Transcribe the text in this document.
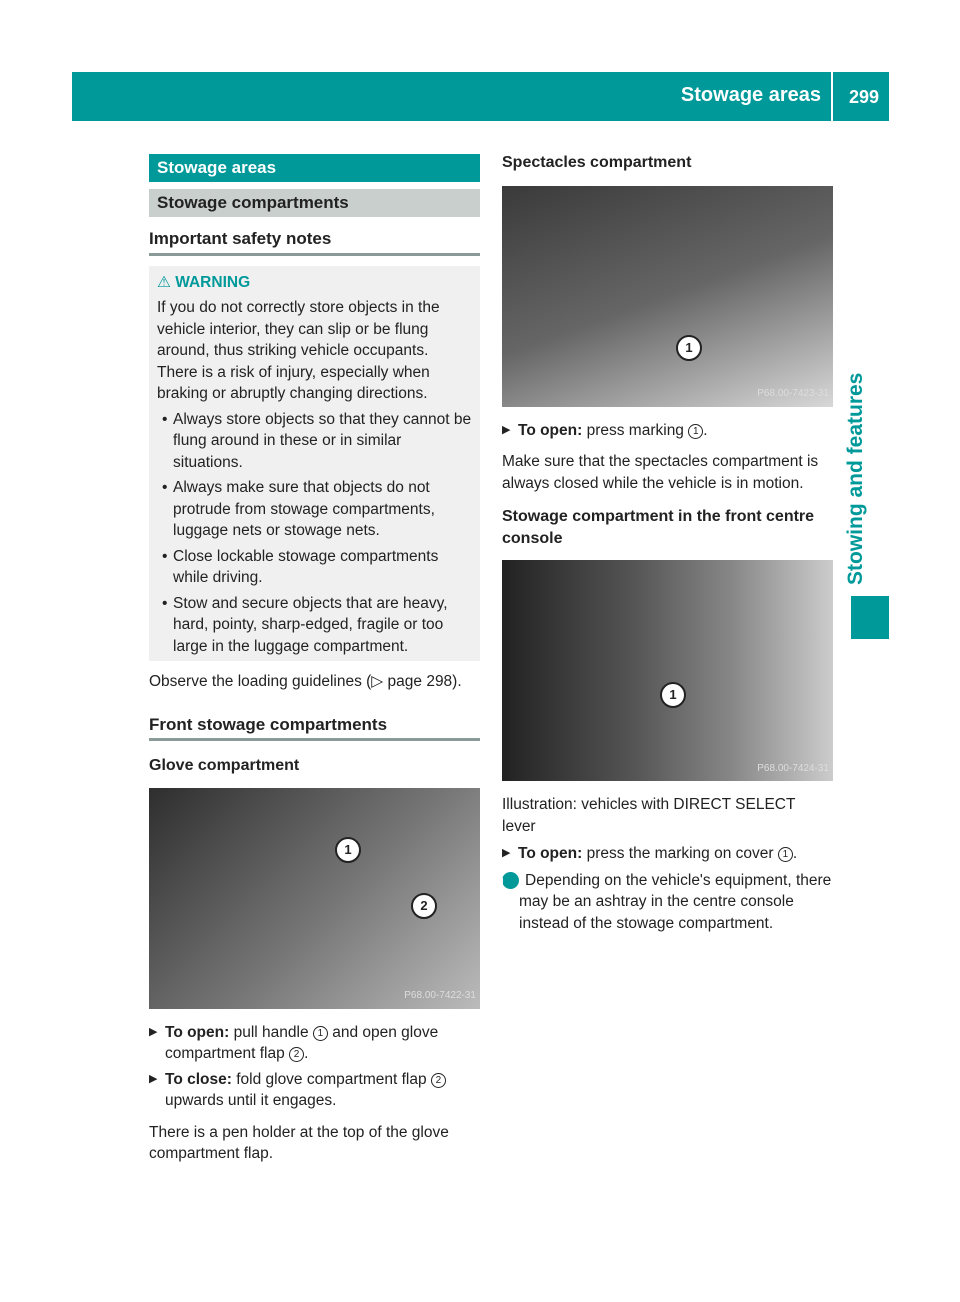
Stowage areas 299
Stowing and features
Stowage areas
Stowage compartments
Important safety notes
⚠ WARNING
If you do not correctly store objects in the vehicle interior, they can slip or be flung around, thus striking vehicle occupants. There is a risk of injury, especially when braking or abruptly changing directions.
• Always store objects so that they cannot be flung around in these or in similar situations.
• Always make sure that objects do not protrude from stowage compartments, luggage nets or stowage nets.
• Close lockable stowage compartments while driving.
• Stow and secure objects that are heavy, hard, pointy, sharp-edged, fragile or too large in the luggage compartment.

Observe the loading guidelines (▷ page 298).

Front stowage compartments
Glove compartment
1
2
P68.00-7422-31
▶ To open: pull handle 1 and open glove compartment flap 2 .
▶ To close: fold glove compartment flap 2 upwards until it engages.

There is a pen holder at the top of the glove compartment flap.

Spectacles compartment
1
P68.00-7423-31
▶ To open: press marking 1 .

Make sure that the spectacles compartment is always closed while the vehicle is in motion.

Stowage compartment in the front centre console
1
P68.00-7424-31

Illustration: vehicles with DIRECT SELECT lever

▶ To open: press the marking on cover 1 .
i Depending on the vehicle's equipment, there may be an ashtray in the centre console instead of the stowage compartment.
